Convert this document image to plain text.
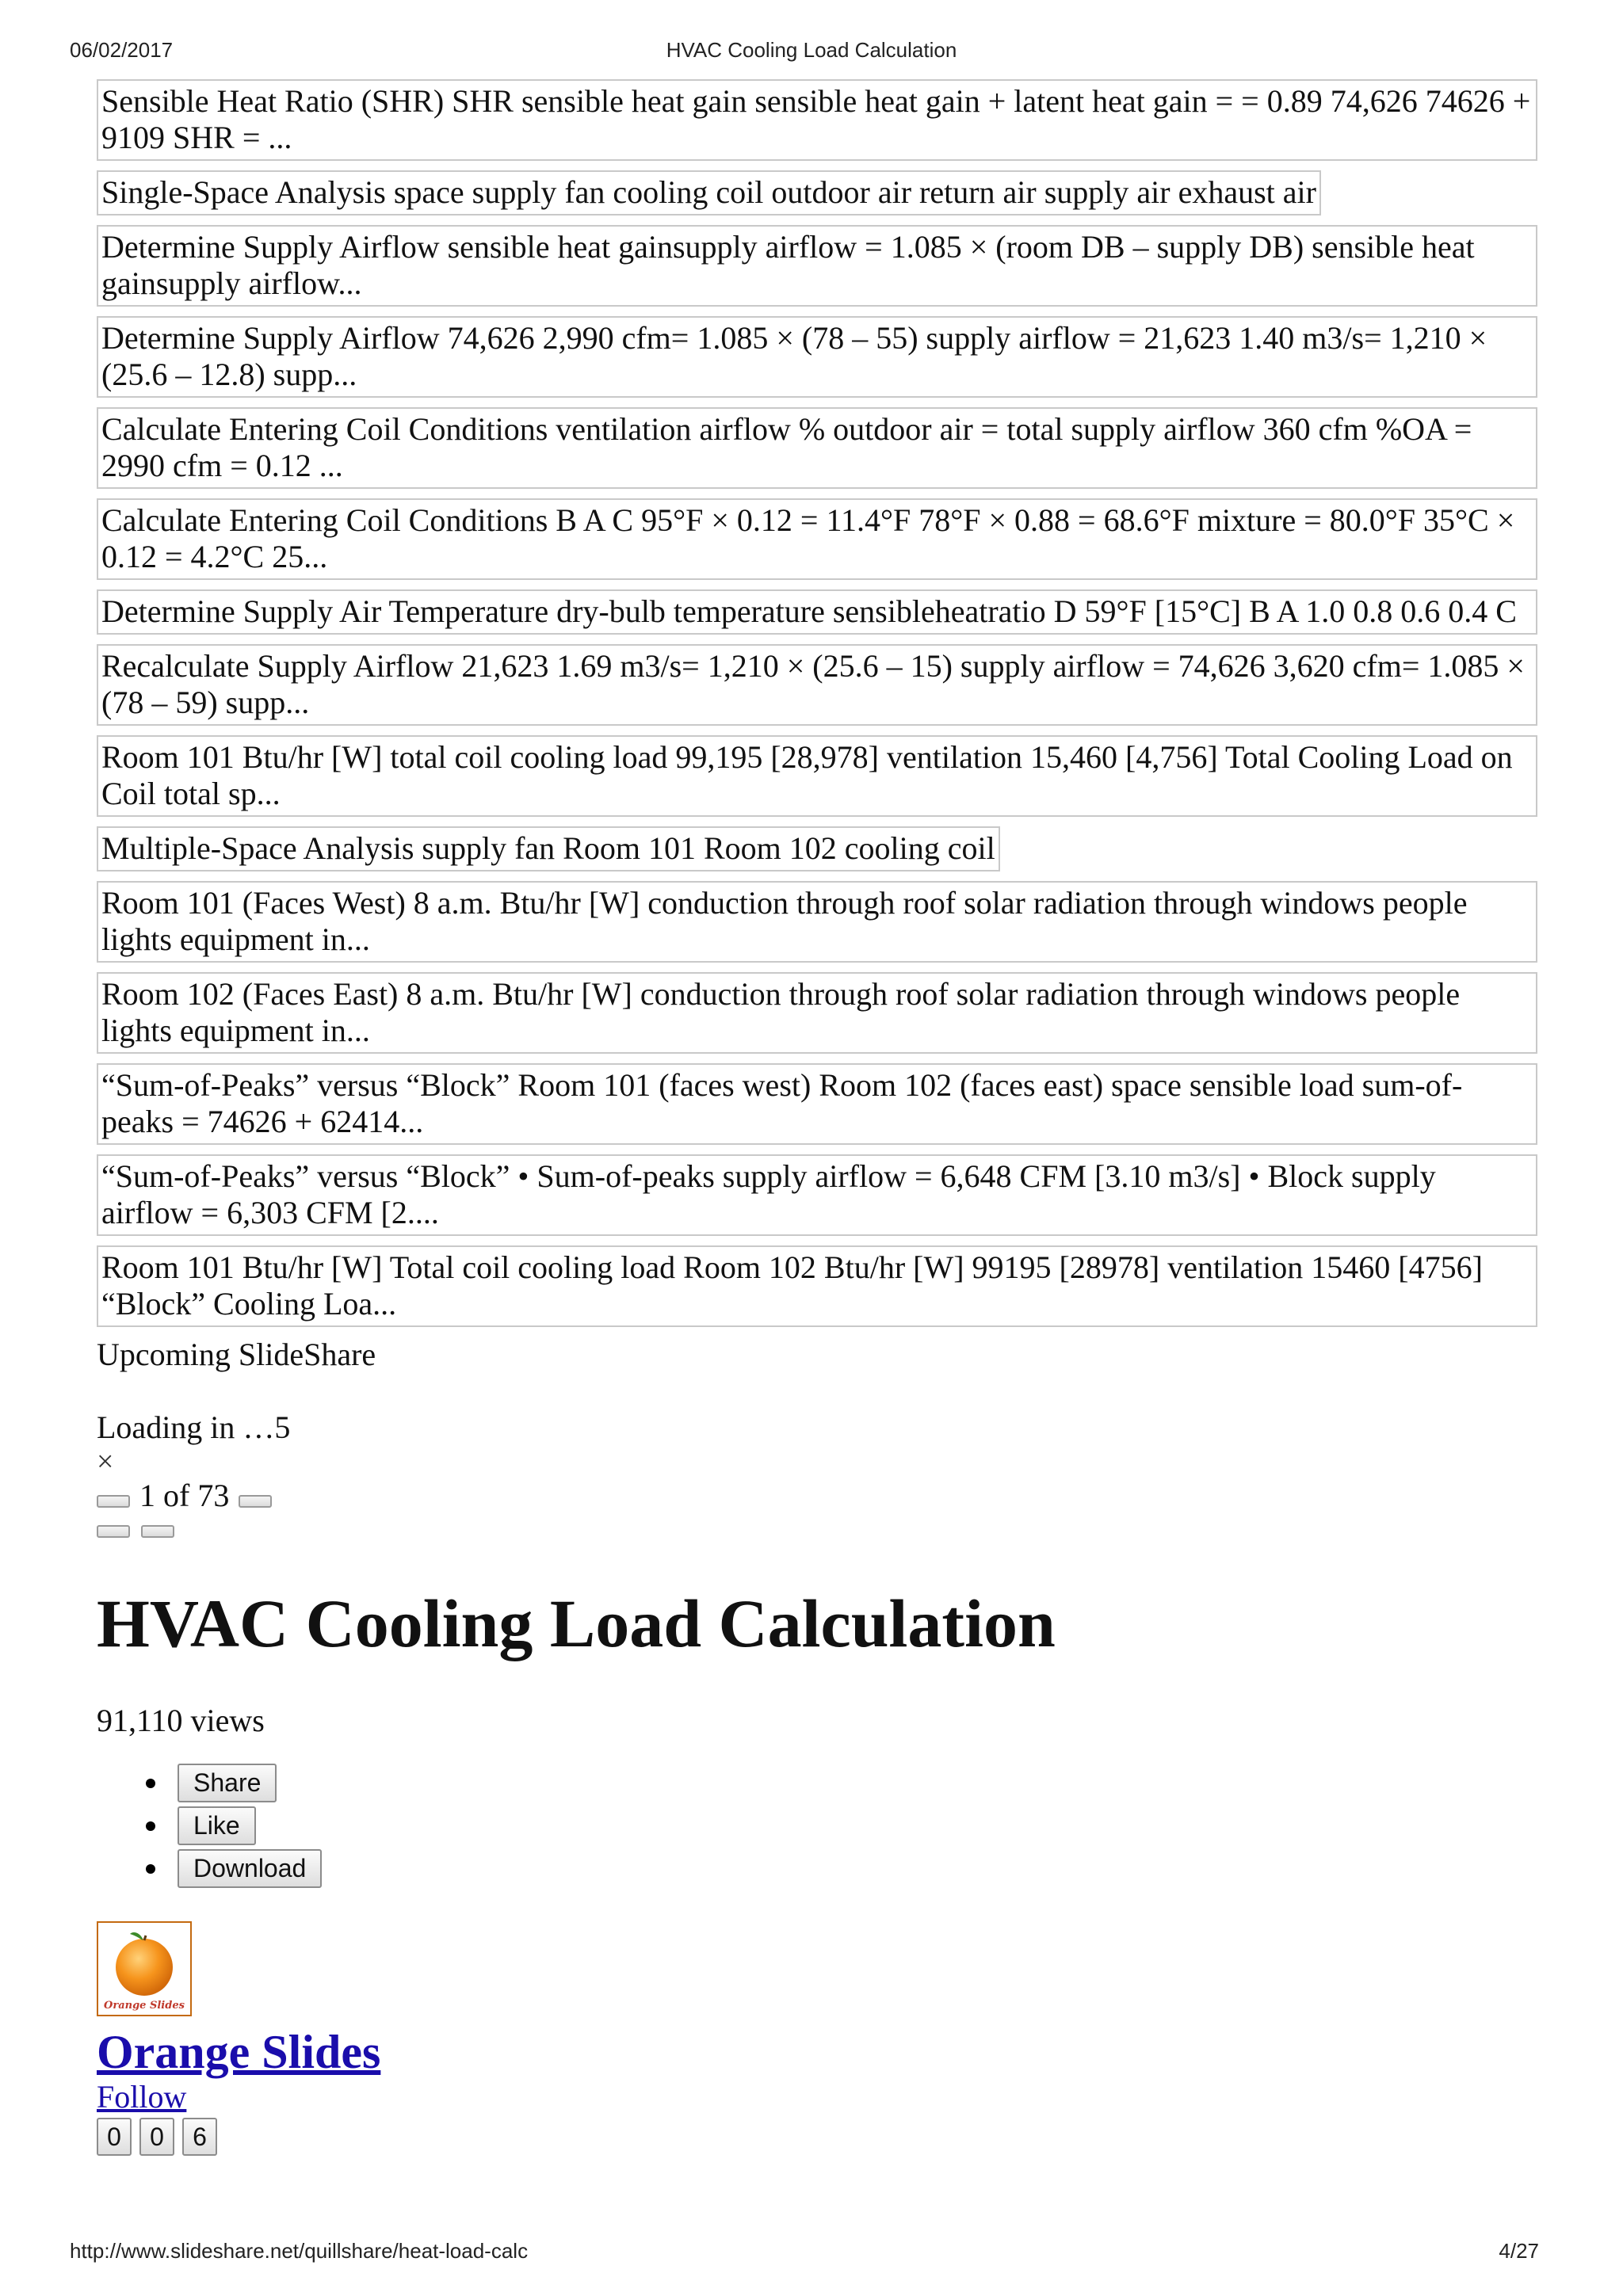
06/02/2017	HVAC Cooling Load Calculation
Sensible Heat Ratio (SHR) SHR sensible heat gain sensible heat gain + latent heat gain = = 0.89 74,626 74626 + 9109 SHR = ...
Single-Space Analysis space supply fan cooling coil outdoor air return air supply air exhaust air
Determine Supply Airflow sensible heat gainsupply airflow = 1.085 × (room DB – supply DB) sensible heat gainsupply airflow...
Determine Supply Airflow 74,626 2,990 cfm= 1.085 × (78 – 55) supply airflow = 21,623 1.40 m3/s= 1,210 × (25.6 – 12.8) supp...
Calculate Entering Coil Conditions ventilation airflow % outdoor air = total supply airflow 360 cfm %OA = 2990 cfm = 0.12 ...
Calculate Entering Coil Conditions B A C 95°F × 0.12 = 11.4°F 78°F × 0.88 = 68.6°F mixture = 80.0°F 35°C × 0.12 = 4.2°C 25...
Determine Supply Air Temperature dry-bulb temperature sensibleheatratio D 59°F [15°C] B A 1.0 0.8 0.6 0.4 C
Recalculate Supply Airflow 21,623 1.69 m3/s= 1,210 × (25.6 – 15) supply airflow = 74,626 3,620 cfm= 1.085 × (78 – 59) supp...
Room 101 Btu/hr [W] total coil cooling load 99,195 [28,978] ventilation 15,460 [4,756] Total Cooling Load on Coil total sp...
Multiple-Space Analysis supply fan Room 101 Room 102 cooling coil
Room 101 (Faces West) 8 a.m. Btu/hr [W] conduction through roof solar radiation through windows people lights equipment in...
Room 102 (Faces East) 8 a.m. Btu/hr [W] conduction through roof solar radiation through windows people lights equipment in...
“Sum-of-Peaks” versus “Block” Room 101 (faces west) Room 102 (faces east) space sensible load sum-of-peaks = 74626 + 62414...
“Sum-of-Peaks” versus “Block” • Sum-of-peaks supply airflow = 6,648 CFM [3.10 m3/s] • Block supply airflow = 6,303 CFM [2....
Room 101 Btu/hr [W] Total coil cooling load Room 102 Btu/hr [W] 99195 [28978] ventilation 15460 [4756] “Block” Cooling Loa...
Upcoming SlideShare
Loading in …5
×
1 of 73
HVAC Cooling Load Calculation
91,110 views
Share
Like
Download
Orange Slides
Orange Slides
Follow
0	0	6
http://www.slideshare.net/quillshare/heat-load-calc	4/27
